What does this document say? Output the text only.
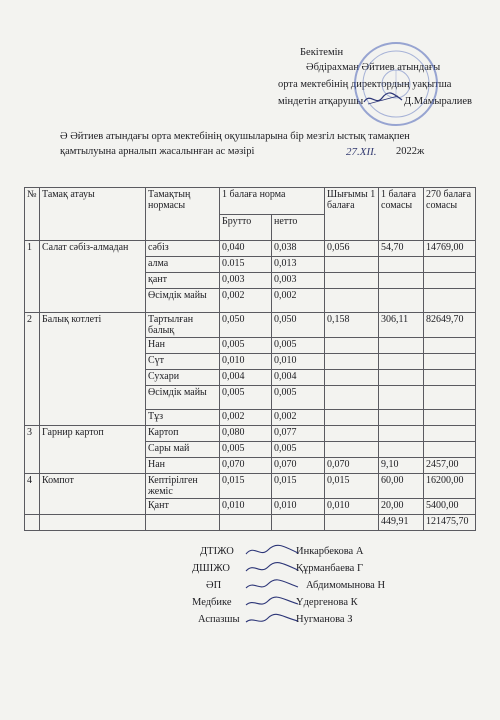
Бекітемін
Әбдірахман Әйтиев атындағы
орта мектебінің директордың уақытша
міндетін атқарушы	Д.Мамыралиев
Ә Әйтиев атындағы орта мектебінің оқушыларына бір мезгіл ыстық тамақпен
қамтылуына арналып жасалынған ас мәзірі	27.XII. 2022ж
№	Тамақ атауы	Тамақтың нормасы	1 балаға норма		Шығымы 1 балаға	1 балаға сомасы	270 балаға сомасы
			Брутто	нетто			
1	Салат сәбіз-алмадан	сәбіз	0,040	0,038	0,056	54,70	14769,00
		алма	0.015	0,013			
		қант	0,003	0,003			
		Өсімдік майы	0,002	0,002			
2	Балық котлеті	Тартылған балық	0,050	0,050	0,158	306,11	82649,70
		Нан	0,005	0,005			
		Сүт	0,010	0,010			
		Сухари	0,004	0,004			
		Өсімдік майы	0,005	0,005			
		Тұз	0,002	0,002			
3	Гарнир картоп	Картоп	0,080	0,077			
		Сары май	0,005	0,005			
		Нан	0,070	0,070	0,070	9,10	2457,00
4	Компот	Кептірілген жеміс	0,015	0,015	0,015	60,00	16200,00
		Қант	0,010	0,010	0,010	20,00	5400,00
						449,91	121475,70
ДТІЖО	Инкарбекова А
ДШІЖО	Құрманбаева Г
ӘП	Абдимомынова Н
Медбике	Үдергенова К
Аспазшы	Нугманова З
